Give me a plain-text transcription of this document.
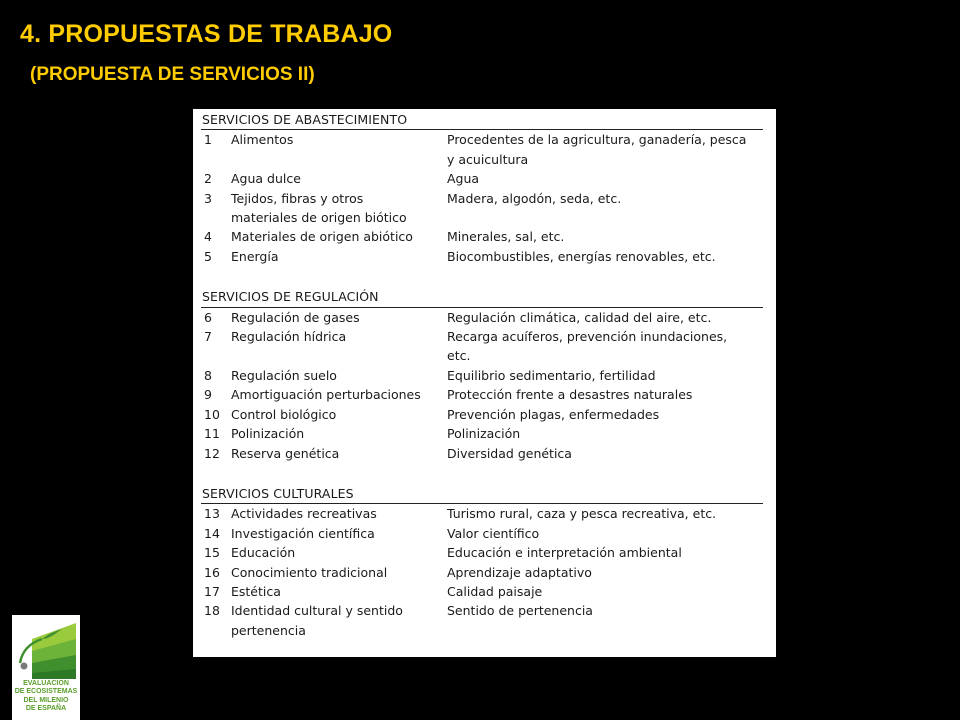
4. PROPUESTAS DE TRABAJO
(PROPUESTA DE SERVICIOS II)
SERVICIOS DE ABASTECIMIENTO
1	Alimentos	Procedentes de la agricultura, ganadería, pesca
y acuicultura
2	Agua dulce	Agua
3	Tejidos, fibras y otros	Madera, algodón, seda, etc.
materiales de origen biótico
4	Materiales de origen abiótico	Minerales, sal, etc.
5	Energía	Biocombustibles, energías renovables, etc.
SERVICIOS DE REGULACIÓN
6	Regulación de gases	Regulación climática, calidad del aire, etc.
7	Regulación hídrica	Recarga acuíferos, prevención inundaciones,
etc.
8	Regulación suelo	Equilibrio sedimentario, fertilidad
9	Amortiguación perturbaciones	Protección frente a desastres naturales
10 Control biológico	Prevención plagas, enfermedades
11 Polinización	Polinización
12 Reserva genética	Diversidad genética
SERVICIOS CULTURALES
13 Actividades recreativas	Turismo rural, caza y pesca recreativa, etc.
14 Investigación científica	Valor científico
15 Educación	Educación e interpretación ambiental
16 Conocimiento tradicional	Aprendizaje adaptativo
17 Estética	Calidad paisaje
18 Identidad cultural y sentido	Sentido de pertenencia
pertenencia
EVALUACIÓN
DE ECOSISTEMAS
DEL MILENIO
DE ESPAÑA
